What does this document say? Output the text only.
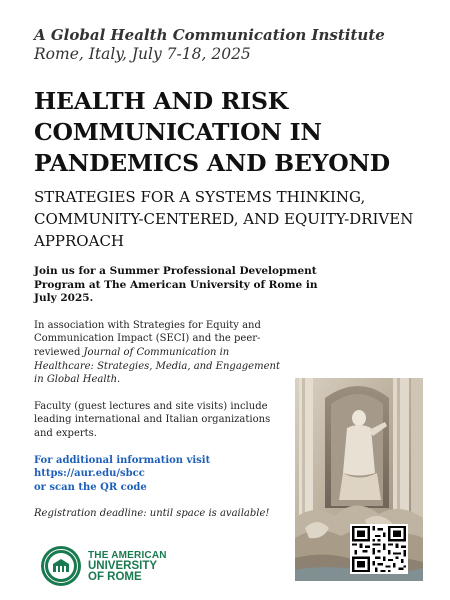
A Global Health Communication Institute

Rome, Italy, July 7-18, 2025

HEALTH AND RISK COMMUNICATION IN PANDEMICS AND BEYOND
STRATEGIES FOR A SYSTEMS THINKING, COMMUNITY-CENTERED, AND EQUITY-DRIVEN APPROACH

Join us for a Summer Professional Development Program at The American University of Rome in July 2025.

In association with Strategies for Equity and Communication Impact (SECI) and the peer-reviewed Journal of Communication in Healthcare: Strategies, Media, and Engagement in Global Health.

Faculty (guest lectures and site visits) include leading international and Italian organizations and experts.

For additional information visit
https://aur.edu/sbcc
or scan the QR code

Registration deadline: until space is available!

THE AMERICAN
UNIVERSITY
OF ROME
